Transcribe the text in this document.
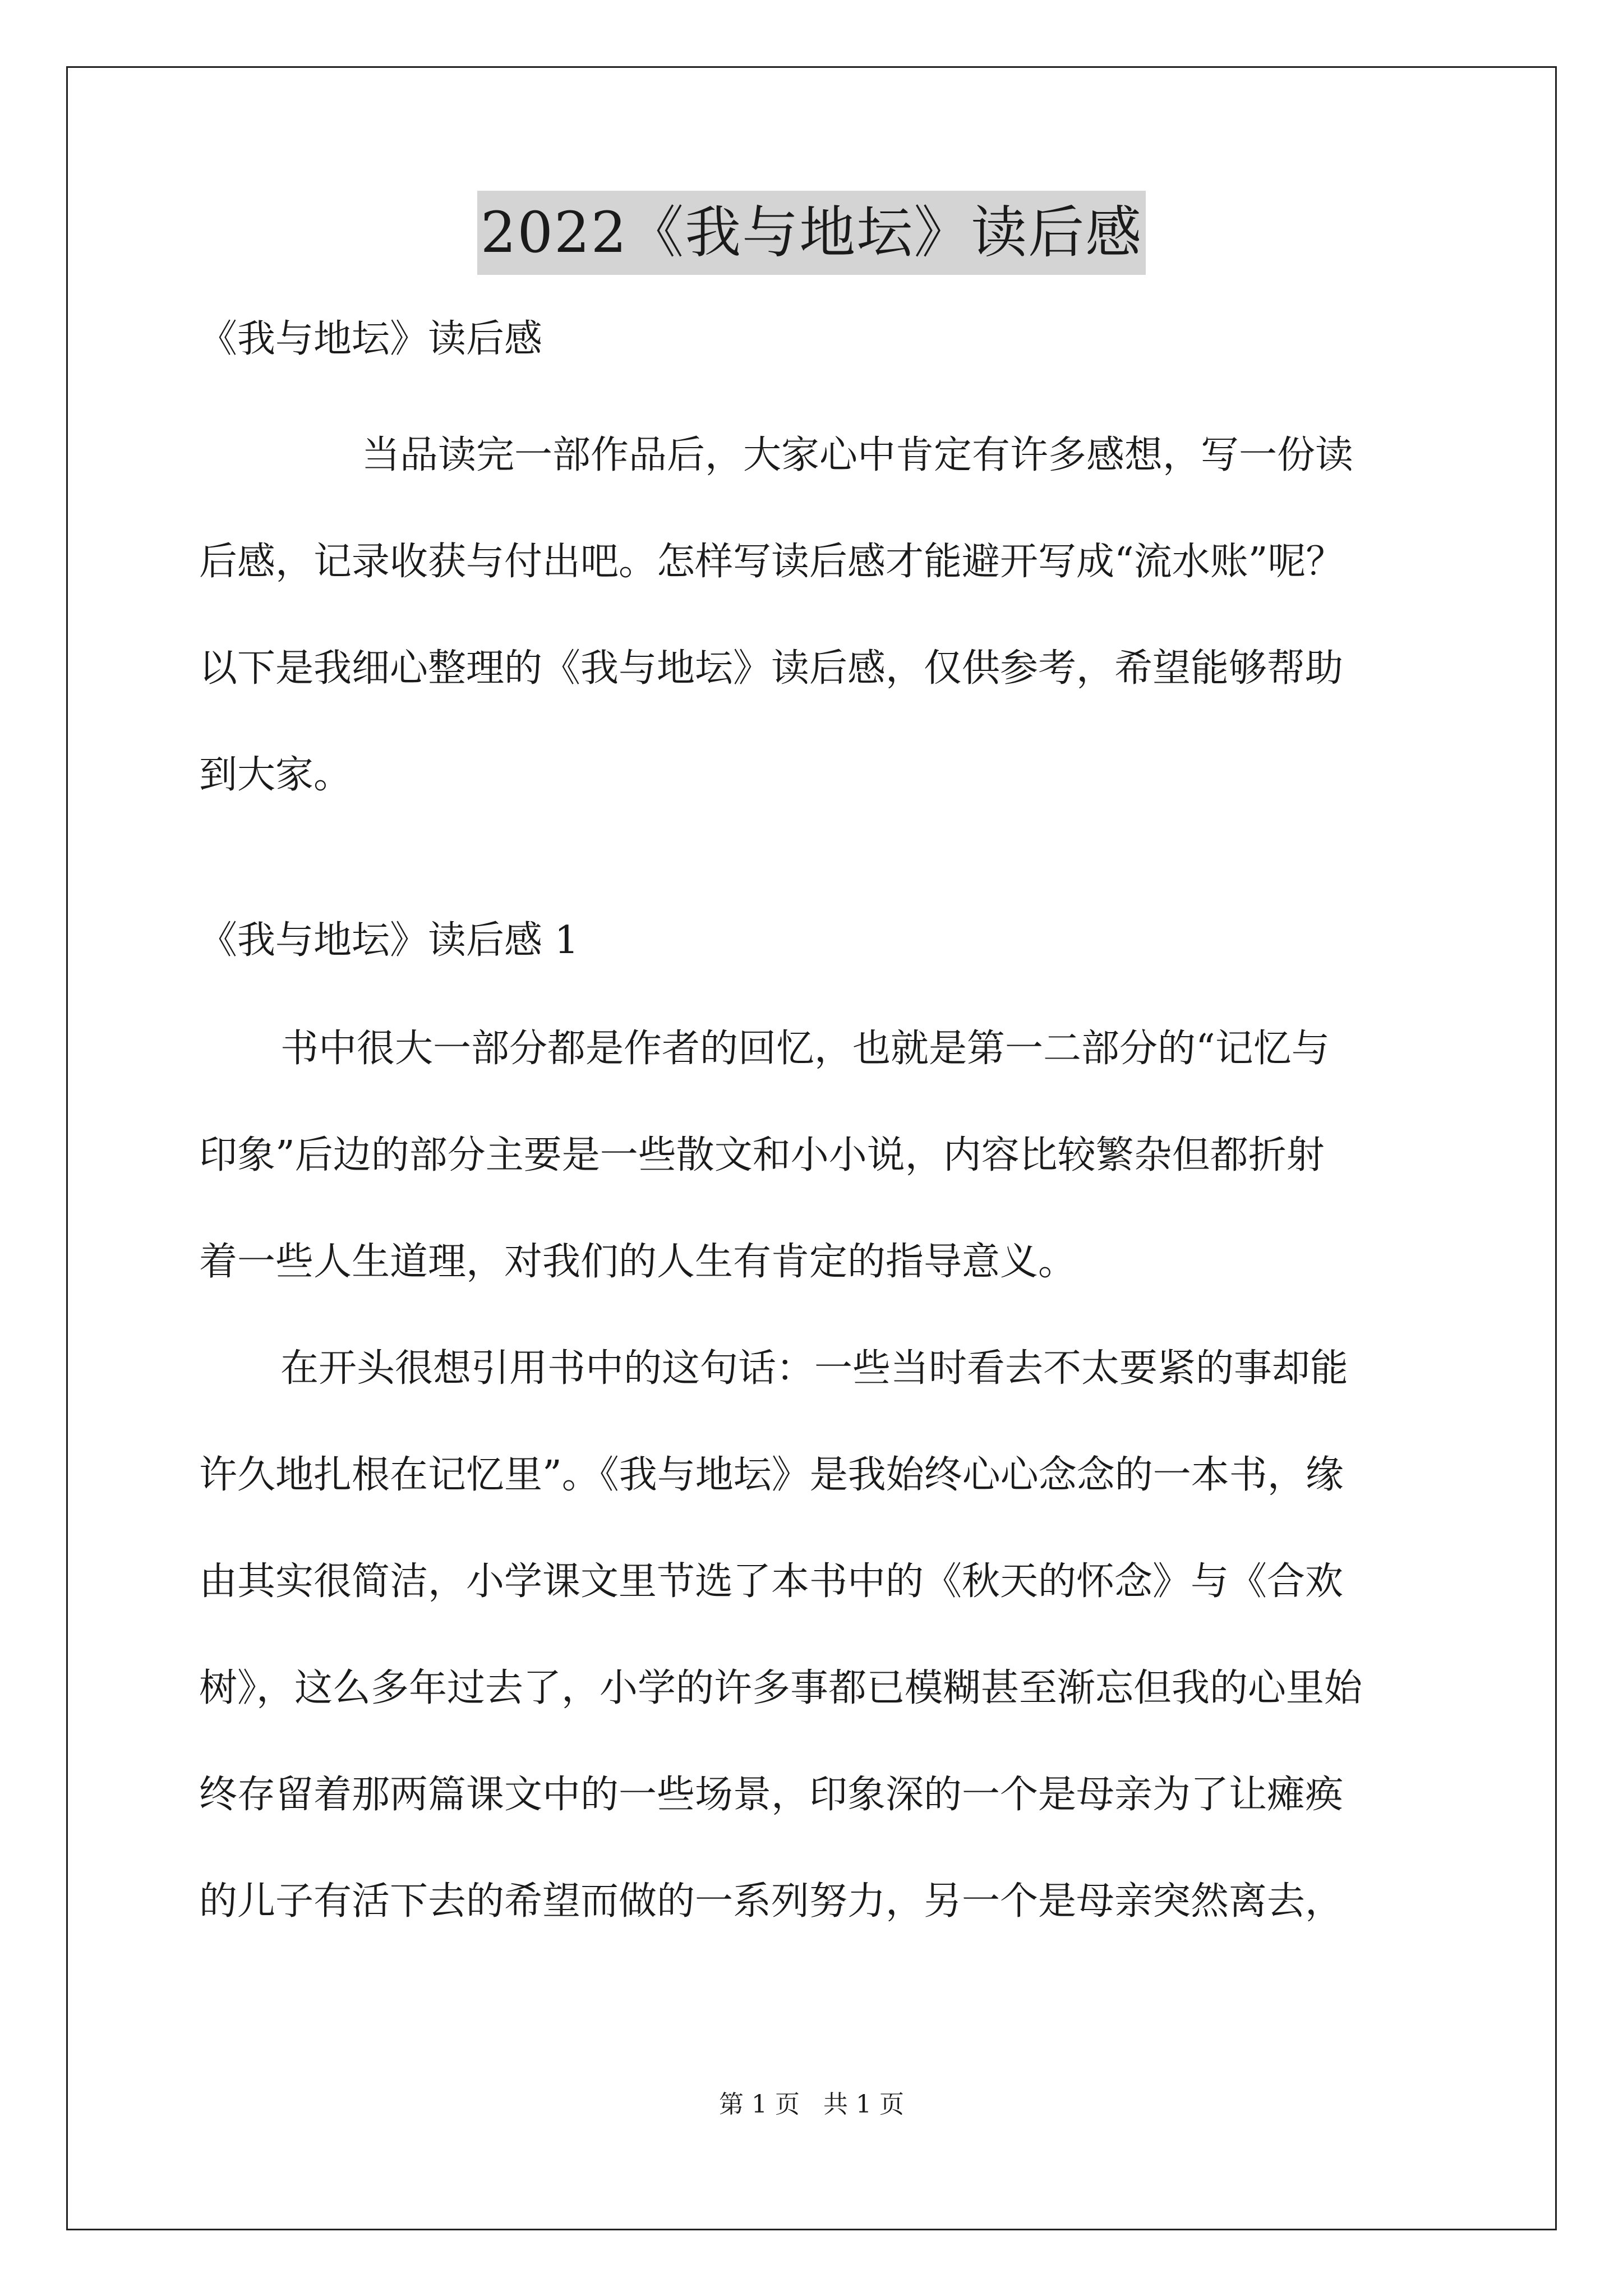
2022《我与地坛》读后感

《我与地坛》读后感

当品读完一部作品后，大家心中肯定有许多感想，写一份读

后感，记录收获与付出吧。怎样写读后感才能避开写成“流水账”呢？

以下是我细心整理的《我与地坛》读后感，仅供参考，希望能够帮助

到大家。

《我与地坛》读后感 1

书中很大一部分都是作者的回忆，也就是第一二部分的“记忆与

印象”后边的部分主要是一些散文和小小说，内容比较繁杂但都折射

着一些人生道理，对我们的人生有肯定的指导意义。

在开头很想引用书中的这句话：一些当时看去不太要紧的事却能

许久地扎根在记忆里”。《我与地坛》是我始终心心念念的一本书，缘

由其实很简洁，小学课文里节选了本书中的《秋天的怀念》与《合欢

树》，这么多年过去了，小学的许多事都已模糊甚至渐忘但我的心里始

终存留着那两篇课文中的一些场景，印象深的一个是母亲为了让瘫痪

的儿子有活下去的希望而做的一系列努力，另一个是母亲突然离去，

第 1 页   共 1 页
